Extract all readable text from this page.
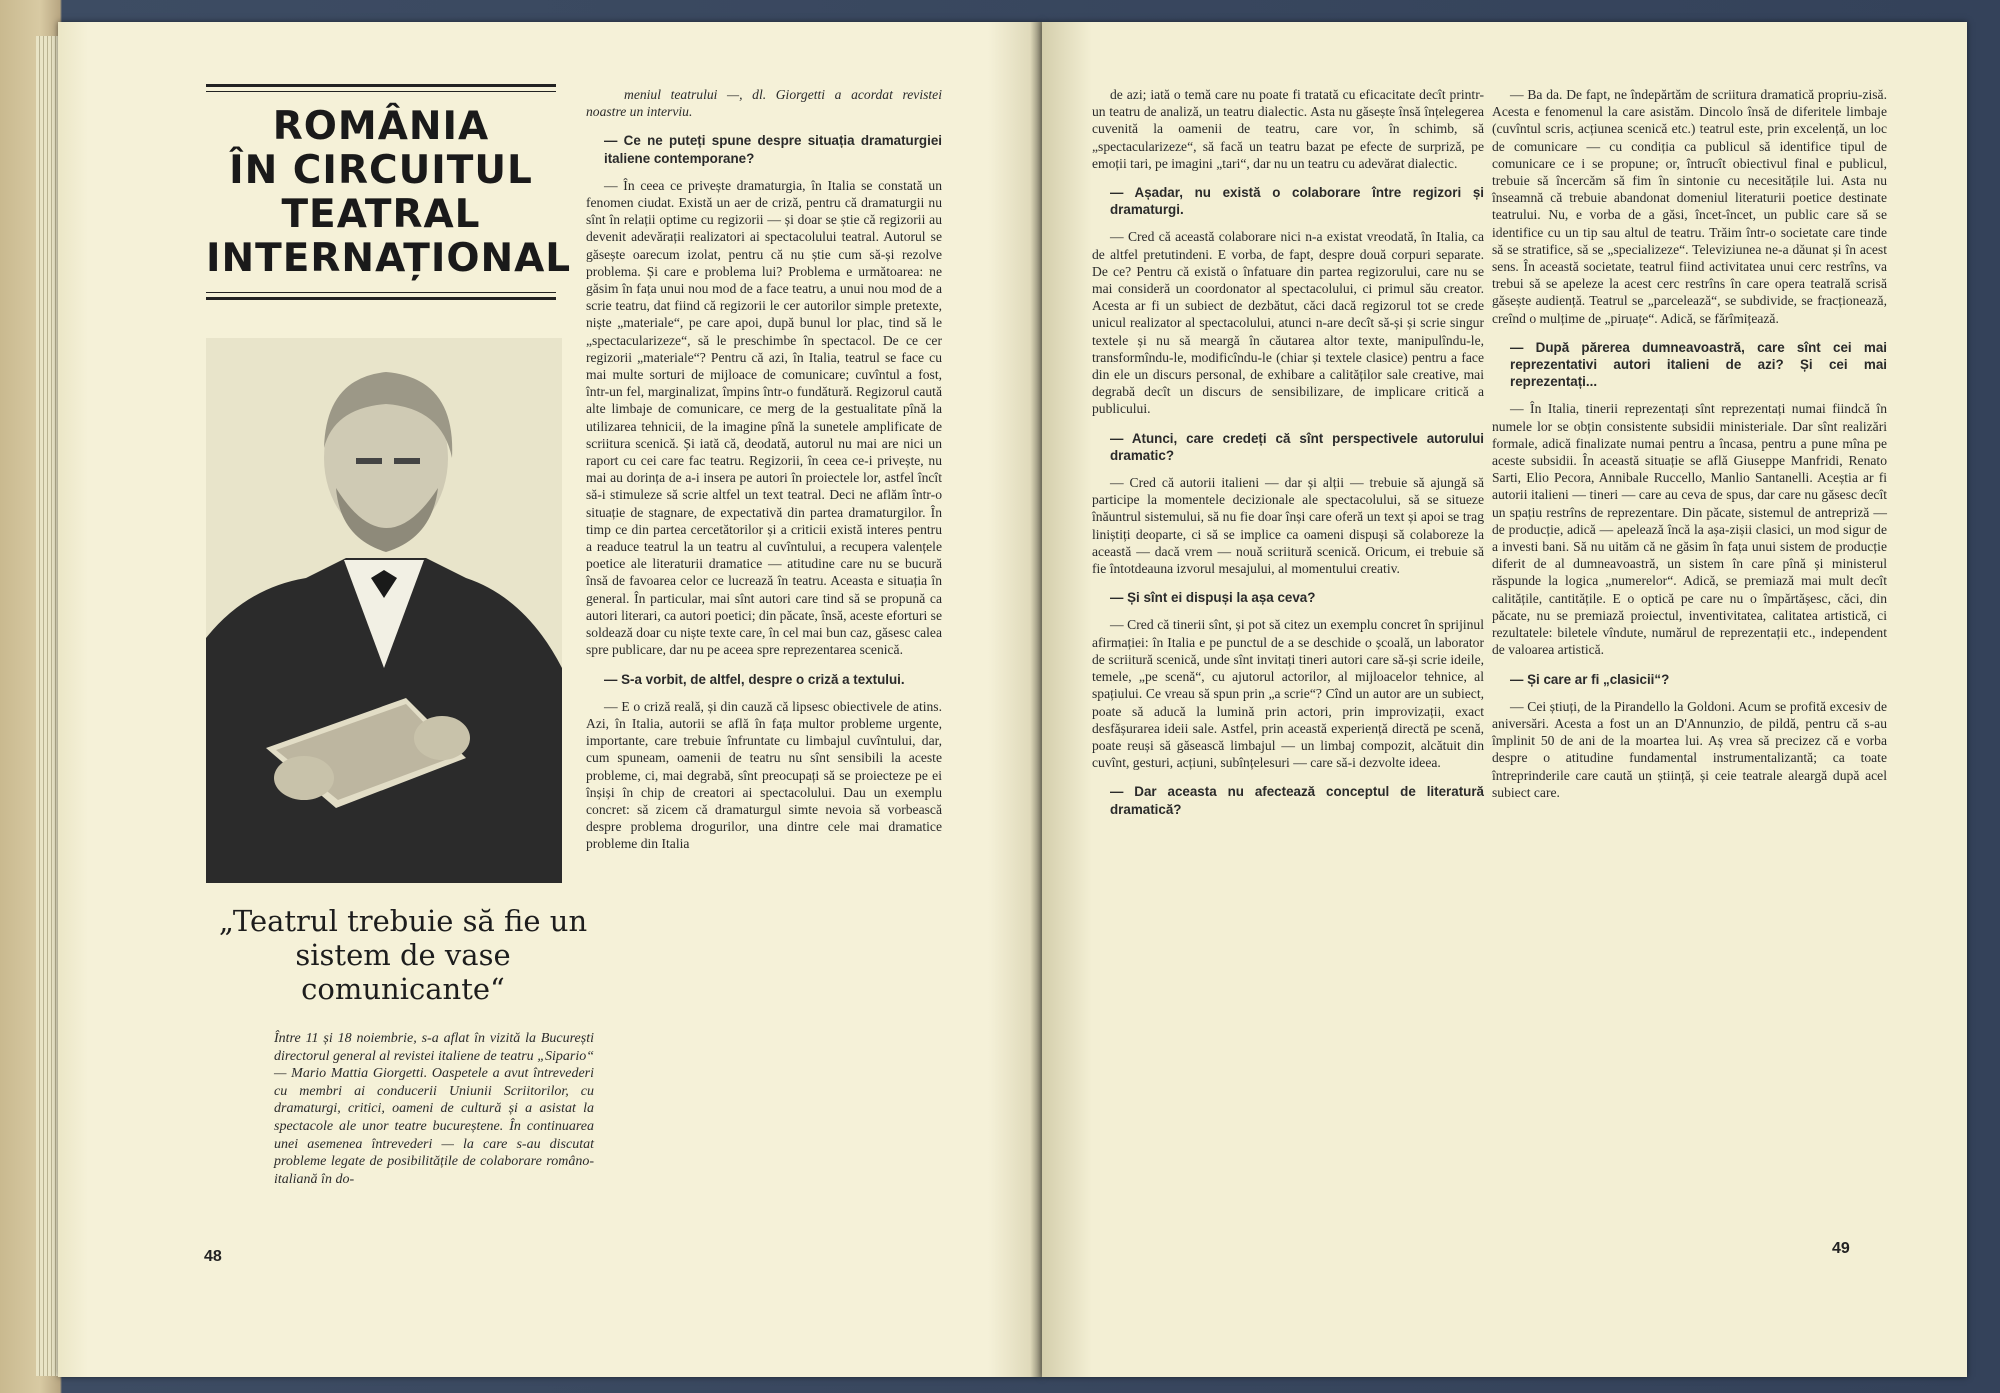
ROMÂNIA
ÎN CIRCUITUL
TEATRAL
INTERNAȚIONAL
„Teatrul trebuie să fie un sistem de vase comunicante“
Între 11 și 18 noiembrie, s-a aflat în vizită la București directorul general al revistei italiene de teatru „Sipario“ — Mario Mattia Giorgetti. Oaspetele a avut întrevederi cu membri ai conducerii Uniunii Scriitorilor, cu dramaturgi, critici, oameni de cultură și a asistat la spectacole ale unor teatre bucureștene. În continuarea unei asemenea întrevederi — la care s-au discutat probleme legate de posibilitățile de colaborare româno-italiană în do-

meniul teatrului —, dl. Giorgetti a acordat revistei noastre un interviu.

— Ce ne puteți spune despre situația dramaturgiei italiene contemporane?

— În ceea ce privește dramaturgia, în Italia se constată un fenomen ciudat. Există un aer de criză, pentru că dramaturgii nu sînt în relații optime cu regizorii — și doar se știe că regizorii au devenit adevărații realizatori ai spectacolului teatral. Autorul se găsește oarecum izolat, pentru că nu știe cum să-și rezolve problema. Și care e problema lui? Problema e următoarea: ne găsim în fața unui nou mod de a face teatru, a unui nou mod de a scrie teatru, dat fiind că regizorii le cer autorilor simple pretexte, niște „materiale“, pe care apoi, după bunul lor plac, tind să le „spectacularizeze“, să le preschimbe în spectacol. De ce cer regizorii „materiale“? Pentru că azi, în Italia, teatrul se face cu mai multe sorturi de mijloace de comunicare; cuvîntul a fost, într-un fel, marginalizat, împins într-o fundătură. Regizorul caută alte limbaje de comunicare, ce merg de la gestualitate pînă la utilizarea tehnicii, de la imagine pînă la sunetele amplificate de scriitura scenică. Și iată că, deodată, autorul nu mai are nici un raport cu cei care fac teatru. Regizorii, în ceea ce-i privește, nu mai au dorința de a-i insera pe autori în proiectele lor, astfel încît să-i stimuleze să scrie altfel un text teatral. Deci ne aflăm într-o situație de stagnare, de expectativă din partea dramaturgilor. În timp ce din partea cercetătorilor și a criticii există interes pentru a readuce teatrul la un teatru al cuvîntului, a recupera valențele poetice ale literaturii dramatice — atitudine care nu se bucură însă de favoarea celor ce lucrează în teatru. Aceasta e situația în general. În particular, mai sînt autori care tind să se propună ca autori literari, ca autori poetici; din păcate, însă, aceste eforturi se soldează doar cu niște texte care, în cel mai bun caz, găsesc calea spre publicare, dar nu pe aceea spre reprezentarea scenică.

— S-a vorbit, de altfel, despre o criză a textului.

— E o criză reală, și din cauză că lipsesc obiectivele de atins. Azi, în Italia, autorii se află în fața multor probleme urgente, importante, care trebuie înfruntate cu limbajul cuvîntului, dar, cum spuneam, oamenii de teatru nu sînt sensibili la aceste probleme, ci, mai degrabă, sînt preocupați să se proiecteze pe ei înșiși în chip de creatori ai spectacolului. Dau un exemplu concret: să zicem că dramaturgul simte nevoia să vorbească despre problema drogurilor, una dintre cele mai dramatice probleme din Italia

48

de azi; iată o temă care nu poate fi tratată cu eficacitate decît printr-un teatru de analiză, un teatru dialectic. Asta nu găsește însă înțelegerea cuvenită la oamenii de teatru, care vor, în schimb, să „spectacularizeze“, să facă un teatru bazat pe efecte de surpriză, pe emoții tari, pe imagini „tari“, dar nu un teatru cu adevărat dialectic.

— Așadar, nu există o colaborare între regizori și dramaturgi.

— Cred că această colaborare nici n-a existat vreodată, în Italia, ca de altfel pretutindeni. E vorba, de fapt, despre două corpuri separate. De ce? Pentru că există o înfatuare din partea regizorului, care nu se mai consideră un coordonator al spectacolului, ci primul său creator. Acesta ar fi un subiect de dezbătut, căci dacă regizorul tot se crede unicul realizator al spectacolului, atunci n-are decît să-și și scrie singur textele și nu să meargă în căutarea altor texte, manipulîndu-le, transformîndu-le, modificîndu-le (chiar și textele clasice) pentru a face din ele un discurs personal, de exhibare a calităților sale creative, mai degrabă decît un discurs de sensibilizare, de implicare critică a publicului.

— Atunci, care credeți că sînt perspectivele autorului dramatic?

— Cred că autorii italieni — dar și alții — trebuie să ajungă să participe la momentele decizionale ale spectacolului, să se situeze înăuntrul sistemului, să nu fie doar înși care oferă un text și apoi se trag liniștiți deoparte, ci să se implice ca oameni dispuși să colaboreze la această — dacă vrem — nouă scriitură scenică. Oricum, ei trebuie să fie întotdeauna izvorul mesajului, al momentului creativ.

— Și sînt ei dispuși la așa ceva?

— Cred că tinerii sînt, și pot să citez un exemplu concret în sprijinul afirmației: în Italia e pe punctul de a se deschide o școală, un laborator de scriitură scenică, unde sînt invitați tineri autori care să-și scrie ideile, temele, „pe scenă“, cu ajutorul actorilor, al mijloacelor tehnice, al spațiului. Ce vreau să spun prin „a scrie“? Cînd un autor are un subiect, poate să aducă la lumină prin actori, prin improvizații, exact desfășurarea ideii sale. Astfel, prin această experiență directă pe scenă, poate reuși să găsească limbajul — un limbaj compozit, alcătuit din cuvînt, gesturi, acțiuni, subînțelesuri — care să-i dezvolte ideea.

— Dar aceasta nu afectează conceptul de literatură dramatică?

— Ba da. De fapt, ne îndepărtăm de scriitura dramatică propriu-zisă. Acesta e fenomenul la care asistăm. Dincolo însă de diferitele limbaje (cuvîntul scris, acțiunea scenică etc.) teatrul este, prin excelență, un loc de comunicare — cu condiția ca publicul să identifice tipul de comunicare ce i se propune; or, întrucît obiectivul final e publicul, trebuie să încercăm să fim în sintonie cu necesitățile lui. Asta nu înseamnă că trebuie abandonat domeniul literaturii poetice destinate teatrului. Nu, e vorba de a găsi, încet-încet, un public care să se identifice cu un tip sau altul de teatru. Trăim într-o societate care tinde să se stratifice, să se „specializeze“. Televiziunea ne-a dăunat și în acest sens. În această societate, teatrul fiind activitatea unui cerc restrîns, va trebui să se apeleze la acest cerc restrîns în care opera teatrală scrisă găsește audiență. Teatrul se „parcelează“, se subdivide, se fracționează, creînd o mulțime de „piruațe“. Adică, se fărîmițează.

— După părerea dumneavoastră, care sînt cei mai reprezentativi autori italieni de azi? Și cei mai reprezentați...

— În Italia, tinerii reprezentați sînt reprezentați numai fiindcă în numele lor se obțin consistente subsidii ministeriale. Dar sînt realizări formale, adică finalizate numai pentru a încasa, pentru a pune mîna pe aceste subsidii. În această situație se află Giuseppe Manfridi, Renato Sarti, Elio Pecora, Annibale Ruccello, Manlio Santanelli. Aceștia ar fi autorii italieni — tineri — care au ceva de spus, dar care nu găsesc decît un spațiu restrîns de reprezentare. Din păcate, sistemul de antrepriză — de producție, adică — apelează încă la așa-zișii clasici, un mod sigur de a investi bani. Să nu uităm că ne găsim în fața unui sistem de producție diferit de al dumneavoastră, un sistem în care pînă și ministerul răspunde la logica „numerelor“. Adică, se premiază mai mult decît calitățile, cantitățile. E o optică pe care nu o împărtășesc, căci, din păcate, nu se premiază proiectul, inventivitatea, calitatea artistică, ci rezultatele: biletele vîndute, numărul de reprezentații etc., independent de valoarea artistică.

— Și care ar fi „clasicii“?

— Cei știuți, de la Pirandello la Goldoni. Acum se profită excesiv de aniversări. Acesta a fost un an D'Annunzio, de pildă, pentru că s-au împlinit 50 de ani de la moartea lui. Aș vrea să precizez că e vorba despre o atitudine fundamental instrumentalizantă; ca toate întreprinderile care caută un știință, și ceie teatrale aleargă după acel subiect care.

49
